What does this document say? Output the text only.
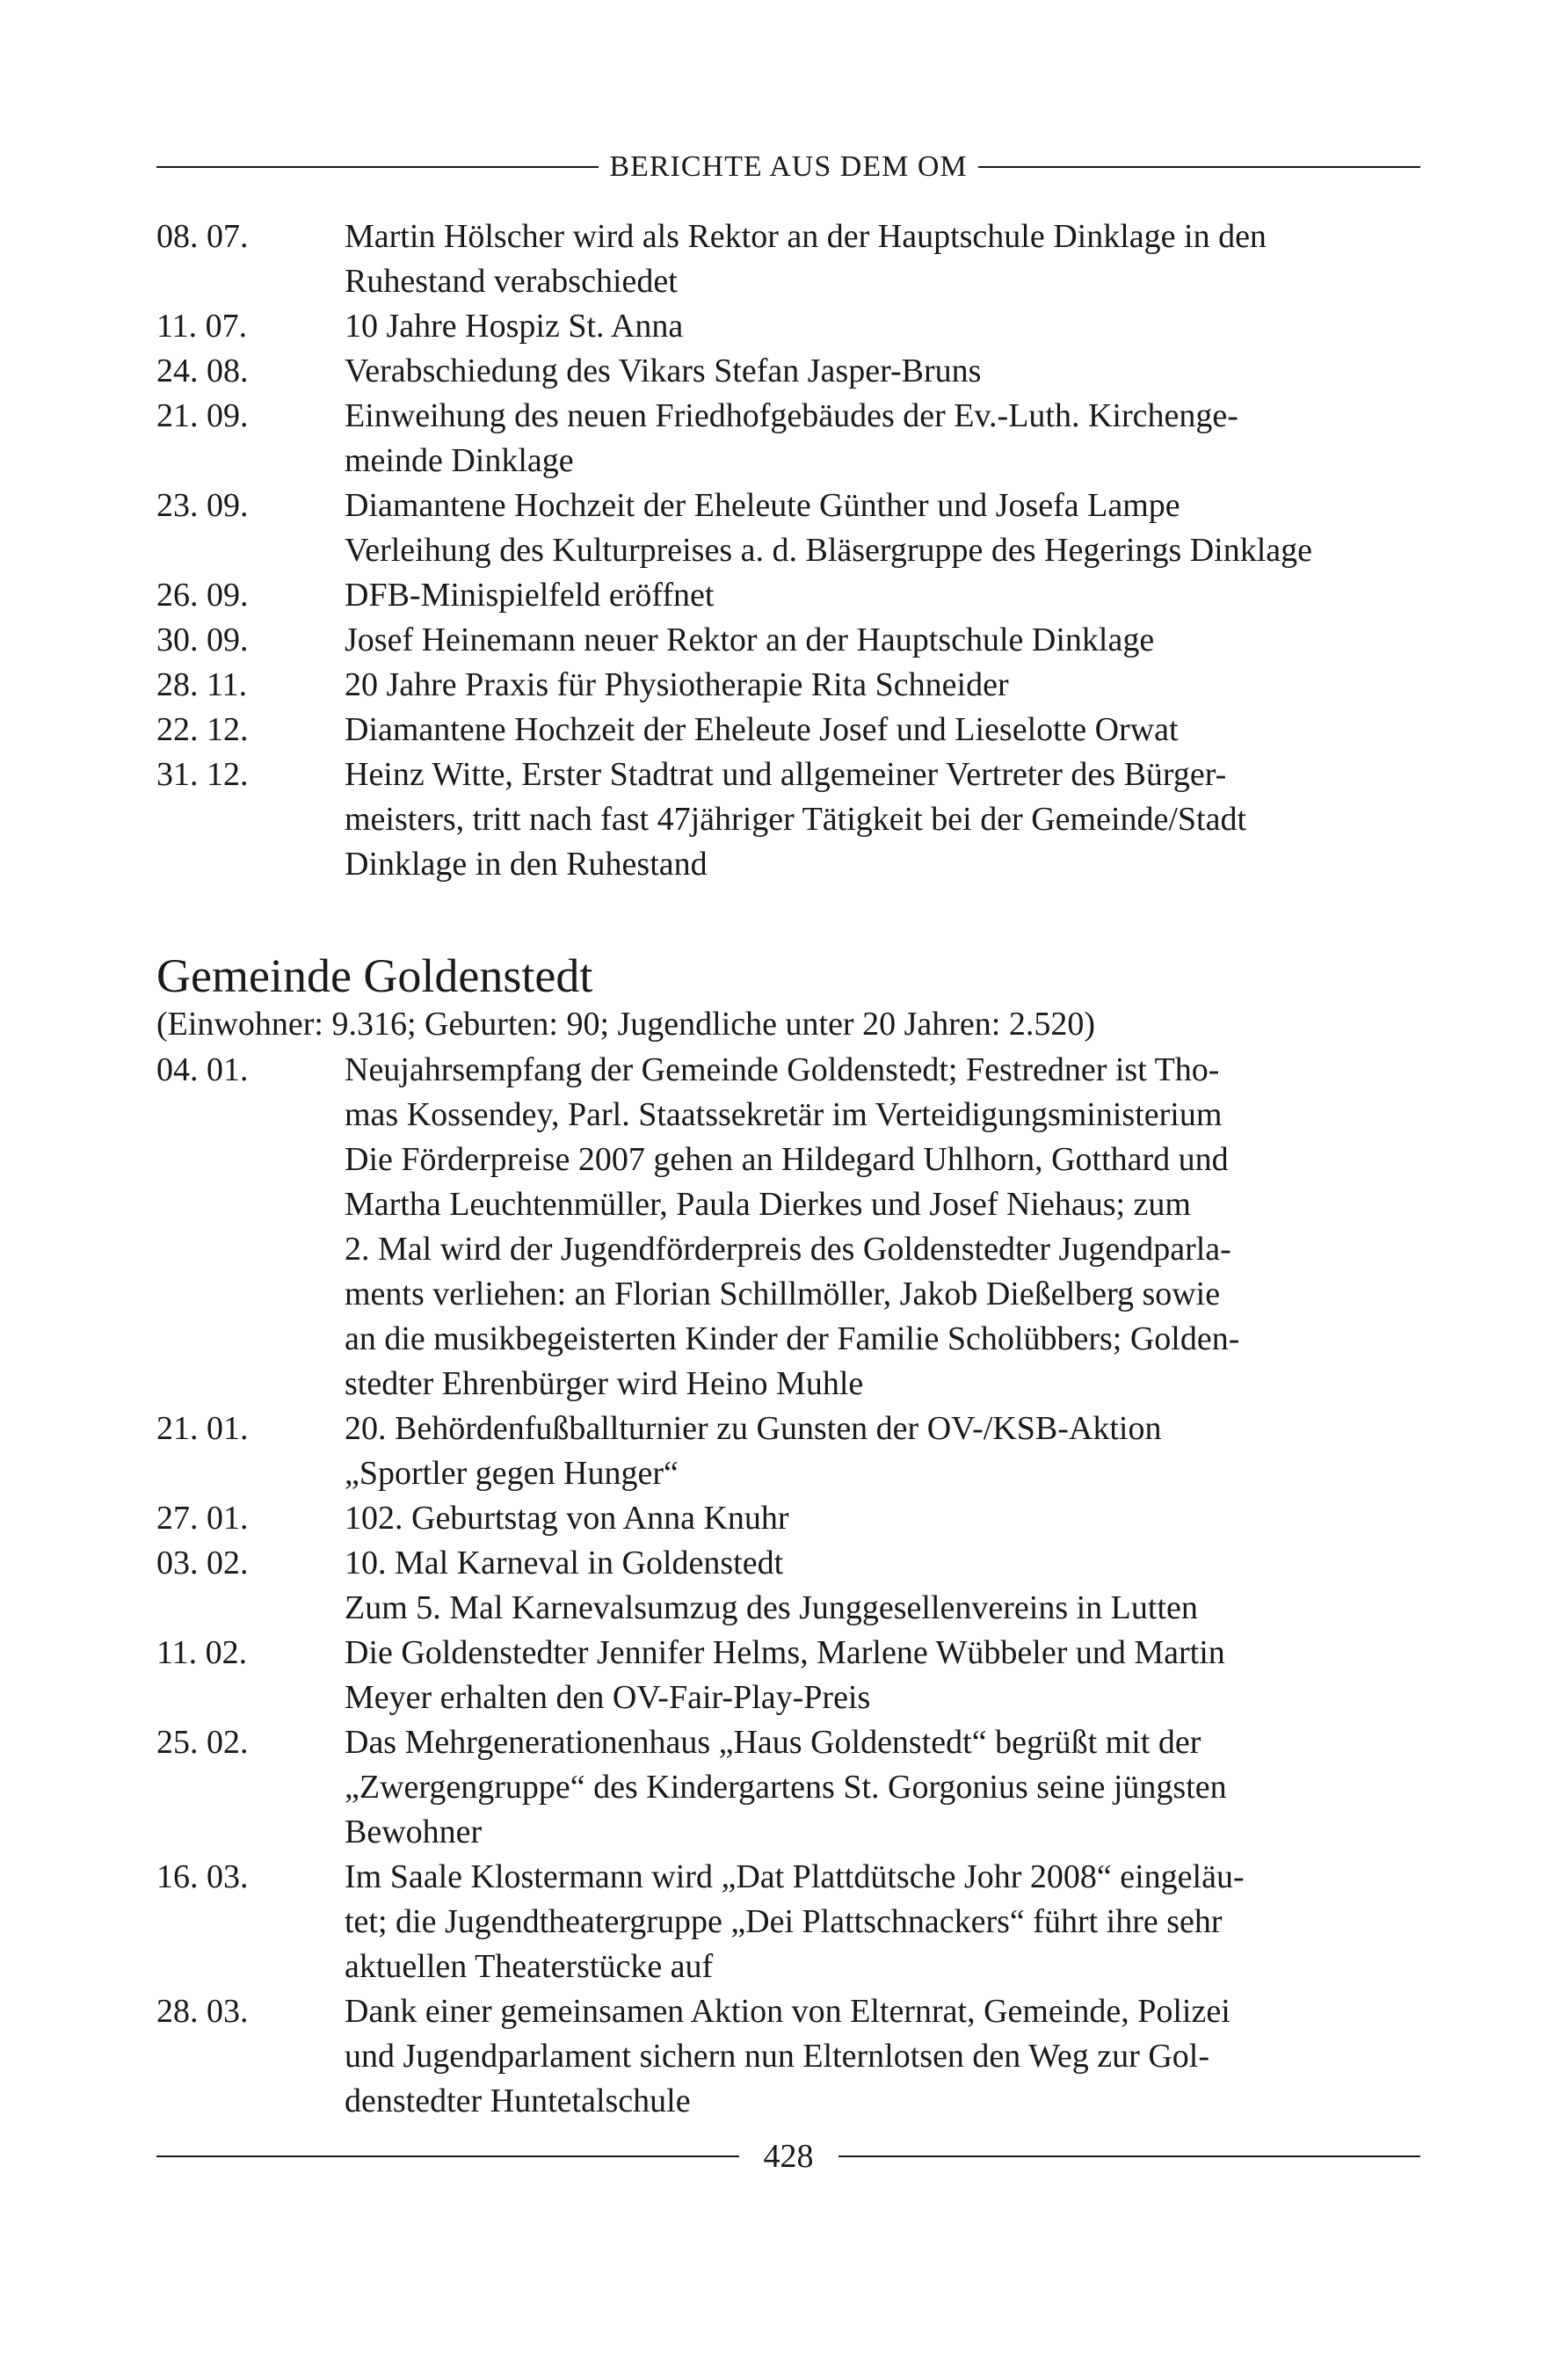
BERICHTE AUS DEM OM
08. 07.	Martin Hölscher wird als Rektor an der Hauptschule Dinklage in den
Ruhestand verabschiedet
11. 07.	10 Jahre Hospiz St. Anna
24. 08.	Verabschiedung des Vikars Stefan Jasper-Bruns
21. 09.	Einweihung des neuen Friedhofgebäudes der Ev.-Luth. Kirchenge-
meinde Dinklage
23. 09.	Diamantene Hochzeit der Eheleute Günther und Josefa Lampe
Verleihung des Kulturpreises a. d. Bläsergruppe des Hegerings Dinklage
26. 09.	DFB-Minispielfeld eröffnet
30. 09.	Josef Heinemann neuer Rektor an der Hauptschule Dinklage
28. 11.	20 Jahre Praxis für Physiotherapie Rita Schneider
22. 12.	Diamantene Hochzeit der Eheleute Josef und Lieselotte Orwat
31. 12.	Heinz Witte, Erster Stadtrat und allgemeiner Vertreter des Bürger-
meisters, tritt nach fast 47jähriger Tätigkeit bei der Gemeinde/Stadt
Dinklage in den Ruhestand
Gemeinde Goldenstedt
(Einwohner: 9.316; Geburten: 90; Jugendliche unter 20 Jahren: 2.520)
04. 01.	Neujahrsempfang der Gemeinde Goldenstedt; Festredner ist Tho-
mas Kossendey, Parl. Staatssekretär im Verteidigungsministerium
Die Förderpreise 2007 gehen an Hildegard Uhlhorn, Gotthard und
Martha Leuchtenmüller, Paula Dierkes und Josef Niehaus; zum
2. Mal wird der Jugendförderpreis des Goldenstedter Jugendparla-
ments verliehen: an Florian Schillmöller, Jakob Dießelberg sowie
an die musikbegeisterten Kinder der Familie Scholübbers; Golden-
stedter Ehrenbürger wird Heino Muhle
21. 01.	20. Behördenfußballturnier zu Gunsten der OV-/KSB-Aktion
„Sportler gegen Hunger“
27. 01.	102. Geburtstag von Anna Knuhr
03. 02.	10. Mal Karneval in Goldenstedt
Zum 5. Mal Karnevalsumzug des Junggesellenvereins in Lutten
11. 02.	Die Goldenstedter Jennifer Helms, Marlene Wübbeler und Martin
Meyer erhalten den OV-Fair-Play-Preis
25. 02.	Das Mehrgenerationenhaus „Haus Goldenstedt“ begrüßt mit der
„Zwergengruppe“ des Kindergartens St. Gorgonius seine jüngsten
Bewohner
16. 03.	Im Saale Klostermann wird „Dat Plattdütsche Johr 2008“ eingeläu-
tet; die Jugendtheatergruppe „Dei Plattschnackers“ führt ihre sehr
aktuellen Theaterstücke auf
28. 03.	Dank einer gemeinsamen Aktion von Elternrat, Gemeinde, Polizei
und Jugendparlament sichern nun Elternlotsen den Weg zur Gol-
denstedter Huntetalschule
428
